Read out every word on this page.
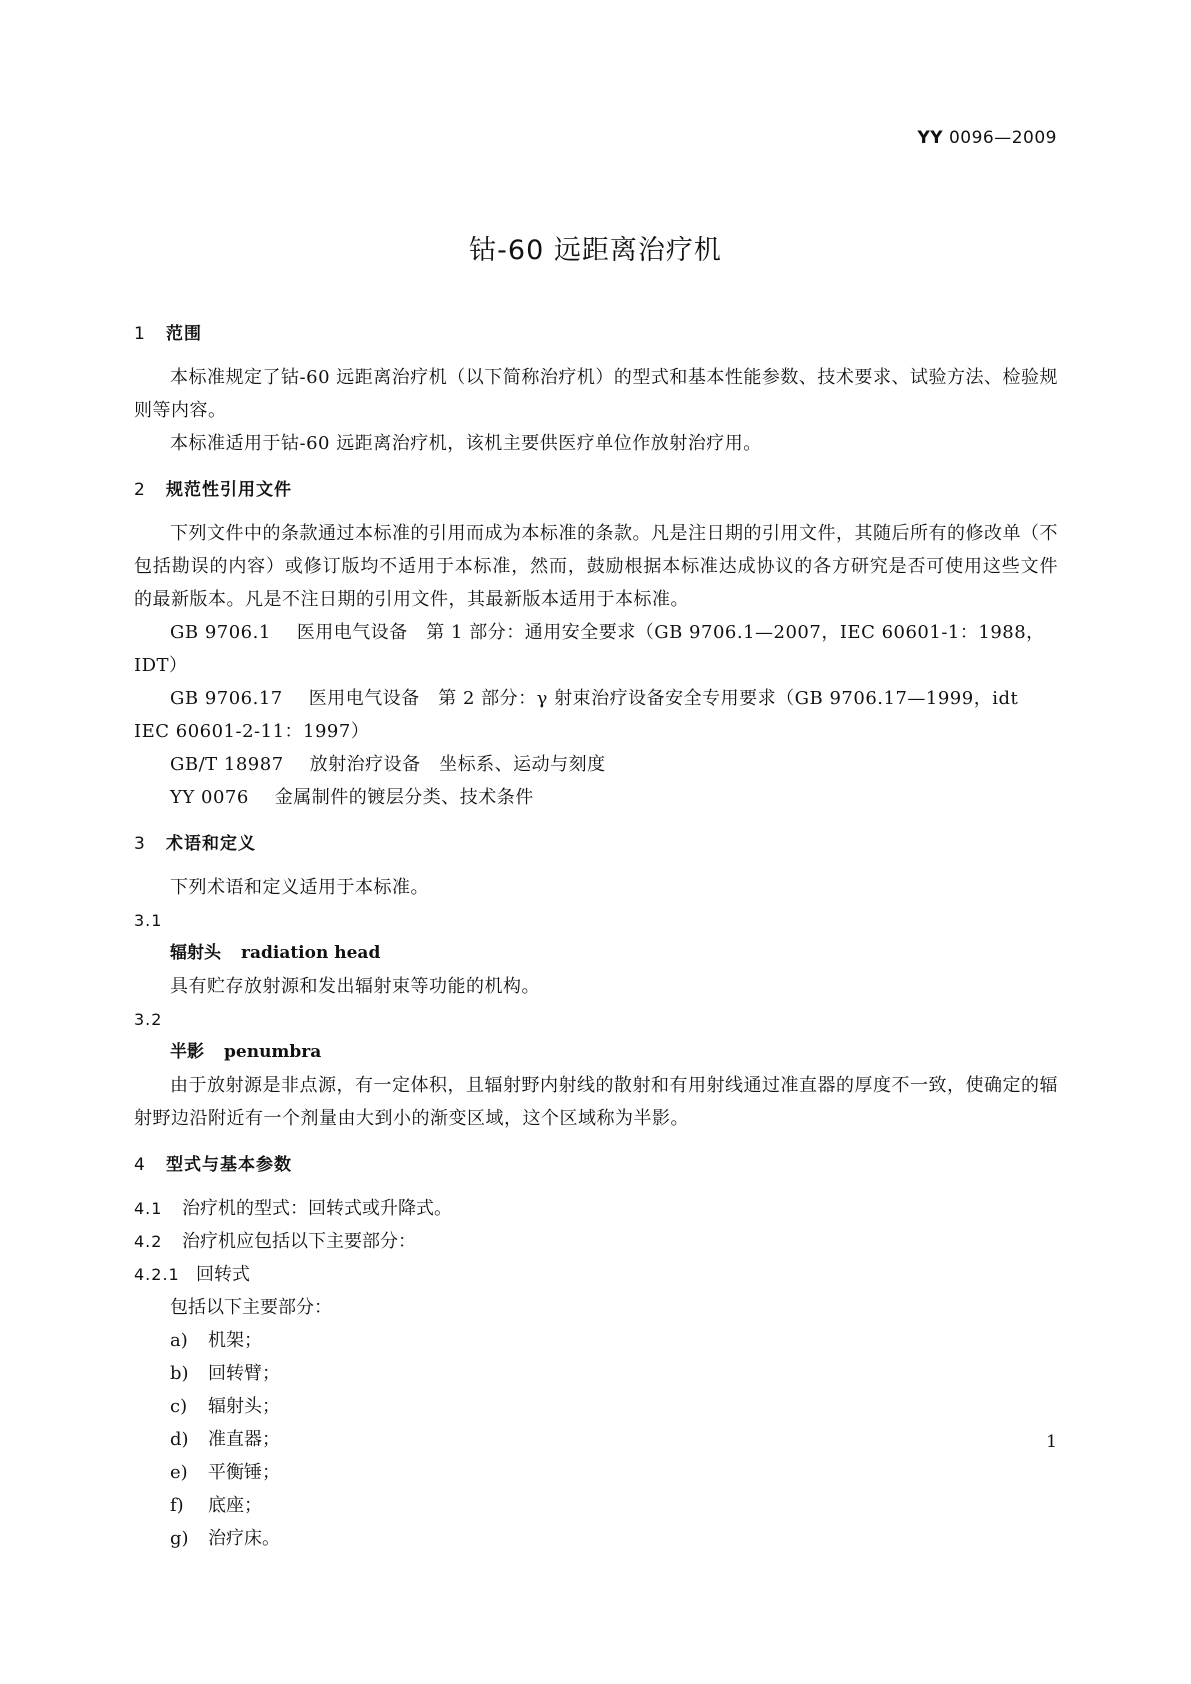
YY 0096—2009
钴-60 远距离治疗机
1 范围

本标准规定了钴-60 远距离治疗机（以下简称治疗机）的型式和基本性能参数、技术要求、试验方法、检验规则等内容。

本标准适用于钴-60 远距离治疗机，该机主要供医疗单位作放射治疗用。

2 规范性引用文件

下列文件中的条款通过本标准的引用而成为本标准的条款。凡是注日期的引用文件，其随后所有的修改单（不包括勘误的内容）或修订版均不适用于本标准，然而，鼓励根据本标准达成协议的各方研究是否可使用这些文件的最新版本。凡是不注日期的引用文件，其最新版本适用于本标准。

GB 9706.1 医用电气设备　第 1 部分：通用安全要求（GB 9706.1—2007，IEC 60601-1：1988，IDT）

GB 9706.17 医用电气设备　第 2 部分：γ 射束治疗设备安全专用要求（GB 9706.17—1999，idt IEC 60601-2-11：1997）

GB/T 18987 放射治疗设备　坐标系、运动与刻度

YY 0076 金属制件的镀层分类、技术条件

3 术语和定义

下列术语和定义适用于本标准。

3.1
辐射头 radiation head

具有贮存放射源和发出辐射束等功能的机构。

3.2
半影 penumbra

由于放射源是非点源，有一定体积，且辐射野内射线的散射和有用射线通过准直器的厚度不一致，使确定的辐射野边沿附近有一个剂量由大到小的渐变区域，这个区域称为半影。

4 型式与基本参数

4.1 治疗机的型式：回转式或升降式。

4.2 治疗机应包括以下主要部分：

4.2.1 回转式

包括以下主要部分：

a) 机架；
b) 回转臂；
c) 辐射头；
d) 准直器；
e) 平衡锤；
f) 底座；
g) 治疗床。
1
